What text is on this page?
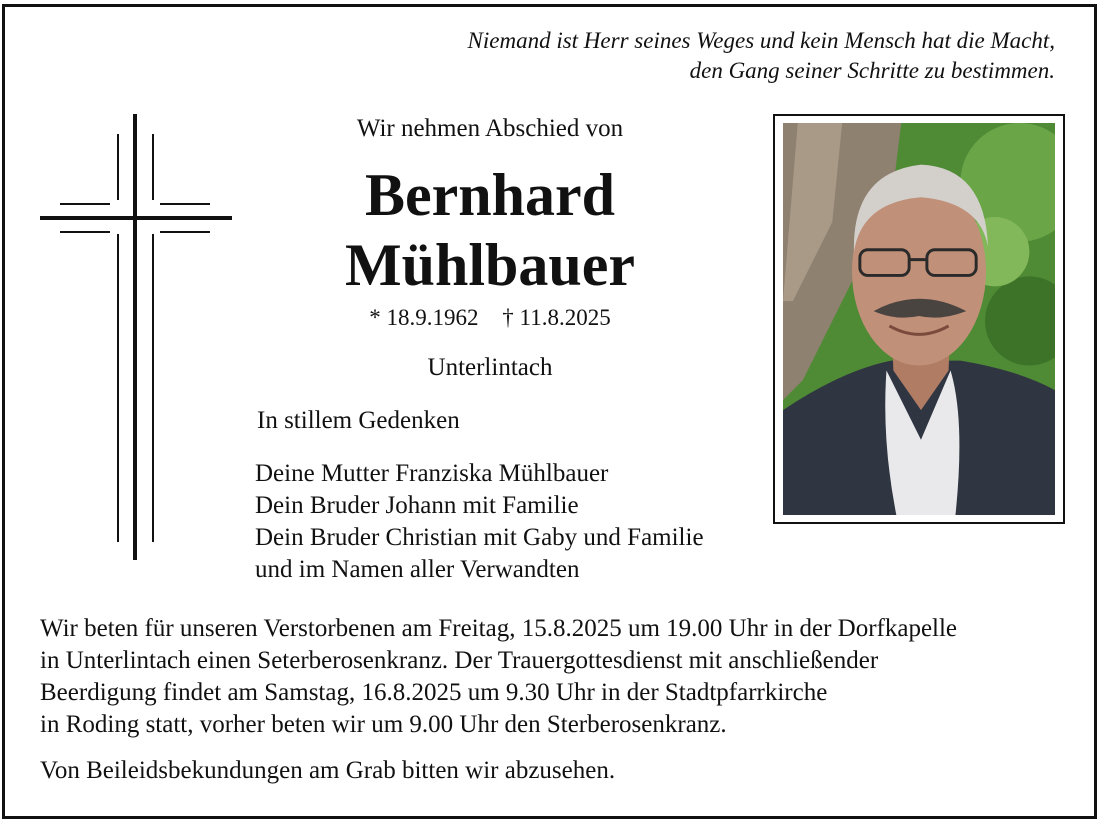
Niemand ist Herr seines Weges und kein Mensch hat die Macht,
den Gang seiner Schritte zu bestimmen.
Wir nehmen Abschied von
Bernhard
Mühlbauer
* 18.9.1962 † 11.8.2025
Unterlintach
In stillem Gedenken
Deine Mutter Franziska Mühlbauer
Dein Bruder Johann mit Familie
Dein Bruder Christian mit Gaby und Familie
und im Namen aller Verwandten
Wir beten für unseren Verstorbenen am Freitag, 15.8.2025 um 19.00 Uhr in der Dorfkapelle
in Unterlintach einen Seterberosenkranz. Der Trauergottesdienst mit anschließender
Beerdigung findet am Samstag, 16.8.2025 um 9.30 Uhr in der Stadtpfarrkirche
in Roding statt, vorher beten wir um 9.00 Uhr den Sterberosenkranz.
Von Beileidsbekundungen am Grab bitten wir abzusehen.
